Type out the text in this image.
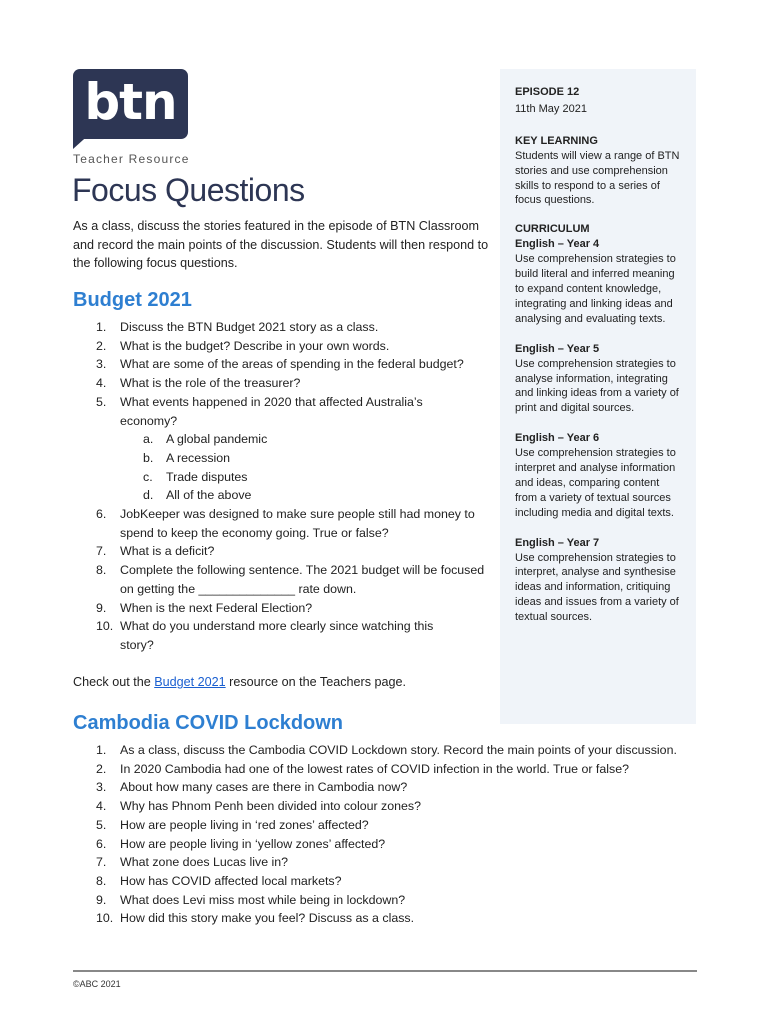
btn
Teacher Resource
Focus Questions

As a class, discuss the stories featured in the episode of BTN Classroom and record the main points of the discussion. Students will then respond to the following focus questions.

Budget 2021
1. Discuss the BTN Budget 2021 story as a class.
2. What is the budget? Describe in your own words.
3. What are some of the areas of spending in the federal budget?
4. What is the role of the treasurer?
5. What events happened in 2020 that affected Australia’s economy?
a. A global pandemic
b. A recession
c. Trade disputes
d. All of the above
6. JobKeeper was designed to make sure people still had money to spend to keep the economy going. True or false?
7. What is a deficit?
8. Complete the following sentence. The 2021 budget will be focused on getting the ______________ rate down.
9. When is the next Federal Election?
10. What do you understand more clearly since watching this story?

Check out the Budget 2021 resource on the Teachers page.

Cambodia COVID Lockdown
1. As a class, discuss the Cambodia COVID Lockdown story. Record the main points of your discussion.
2. In 2020 Cambodia had one of the lowest rates of COVID infection in the world. True or false?
3. About how many cases are there in Cambodia now?
4. Why has Phnom Penh been divided into colour zones?
5. How are people living in ‘red zones’ affected?
6. How are people living in ‘yellow zones’ affected?
7. What zone does Lucas live in?
8. How has COVID affected local markets?
9. What does Levi miss most while being in lockdown?
10. How did this story make you feel? Discuss as a class.
EPISODE 12
11th May 2021
KEY LEARNING
Students will view a range of BTN stories and use comprehension skills to respond to a series of focus questions.
CURRICULUM
English – Year 4
Use comprehension strategies to build literal and inferred meaning to expand content knowledge, integrating and linking ideas and analysing and evaluating texts.
English – Year 5
Use comprehension strategies to analyse information, integrating and linking ideas from a variety of print and digital sources.
English – Year 6
Use comprehension strategies to interpret and analyse information and ideas, comparing content from a variety of textual sources including media and digital texts.
English – Year 7
Use comprehension strategies to interpret, analyse and synthesise ideas and information, critiquing ideas and issues from a variety of textual sources.
©ABC 2021
